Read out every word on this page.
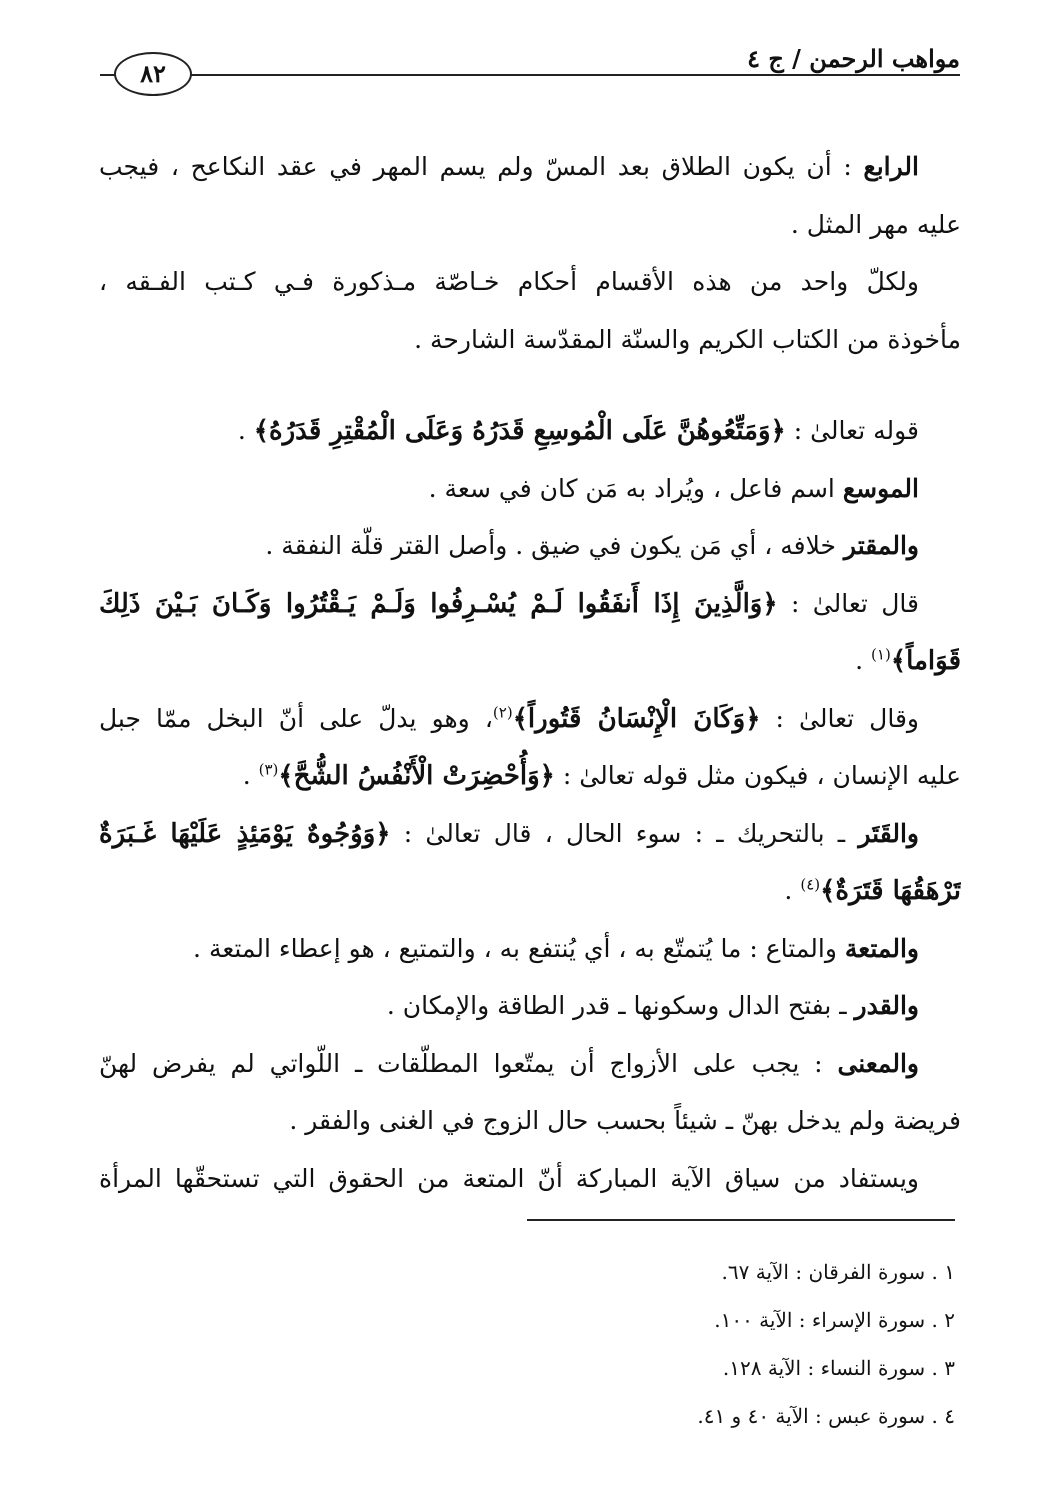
مواهب الرحمن / ج ٤
٨٢
الرابع : أن يكون الطلاق بعد المسّ ولم يسم المهر في عقد النكاعح ، فيجب
عليه مهر المثل .
ولكلّ واحد من هذه الأقسام أحكام خـاصّة مـذكورة فـي كـتب الفـقه ،
مأخوذة من الكتاب الكريم والسنّة المقدّسة الشارحة .
قوله تعالىٰ : ﴿وَمَتِّعُوهُنَّ عَلَى الْمُوسِعِ قَدَرُهُ وَعَلَى الْمُقْتِرِ قَدَرُهُ﴾ .
الموسع اسم فاعل ، ويُراد به مَن كان في سعة .
والمقتر خلافه ، أي مَن يكون في ضيق . وأصل القتر قلّة النفقة .
قال تعالىٰ : ﴿وَالَّذِينَ إِذَا أَنفَقُوا لَـمْ يُسْـرِفُوا وَلَـمْ يَـقْتُرُوا وَكَـانَ بَـيْنَ ذَلِكَ
قَوَاماً﴾$^{(١)}$ .
وقال تعالىٰ : ﴿وَكَانَ الْإِنْسَانُ قَتُوراً﴾$^{(٢)}$، وهو يدلّ على أنّ البخل ممّا جبل
عليه الإنسان ، فيكون مثل قوله تعالىٰ : ﴿وَأُحْضِرَتْ الْأَنْفُسُ الشُّحَّ﴾$^{(٣)}$ .
والقَتَر ـ بالتحريك ـ : سوء الحال ، قال تعالىٰ : ﴿وَوُجُوهٌ يَوْمَئِذٍ عَلَيْهَا غَـبَرَةٌ
تَرْهَقُهَا قَتَرَةٌ﴾$^{(٤)}$ .
والمتعة والمتاع : ما يُتمتّع به ، أي يُنتفع به ، والتمتيع ، هو إعطاء المتعة .
والقدر ـ بفتح الدال وسكونها ـ قدر الطاقة والإمكان .
والمعنى : يجب على الأزواج أن يمتّعوا المطلّقات ـ اللّواتي لم يفرض لهنّ
فريضة ولم يدخل بهنّ ـ شيئاً بحسب حال الزوج في الغنى والفقر .
ويستفاد من سياق الآية المباركة أنّ المتعة من الحقوق التي تستحقّها المرأة
١ . سورة الفرقان : الآية ٦٧.
٢ . سورة الإسراء : الآية ١٠٠.
٣ . سورة النساء : الآية ١٢٨.
٤ . سورة عبس : الآية ٤٠ و ٤١.
